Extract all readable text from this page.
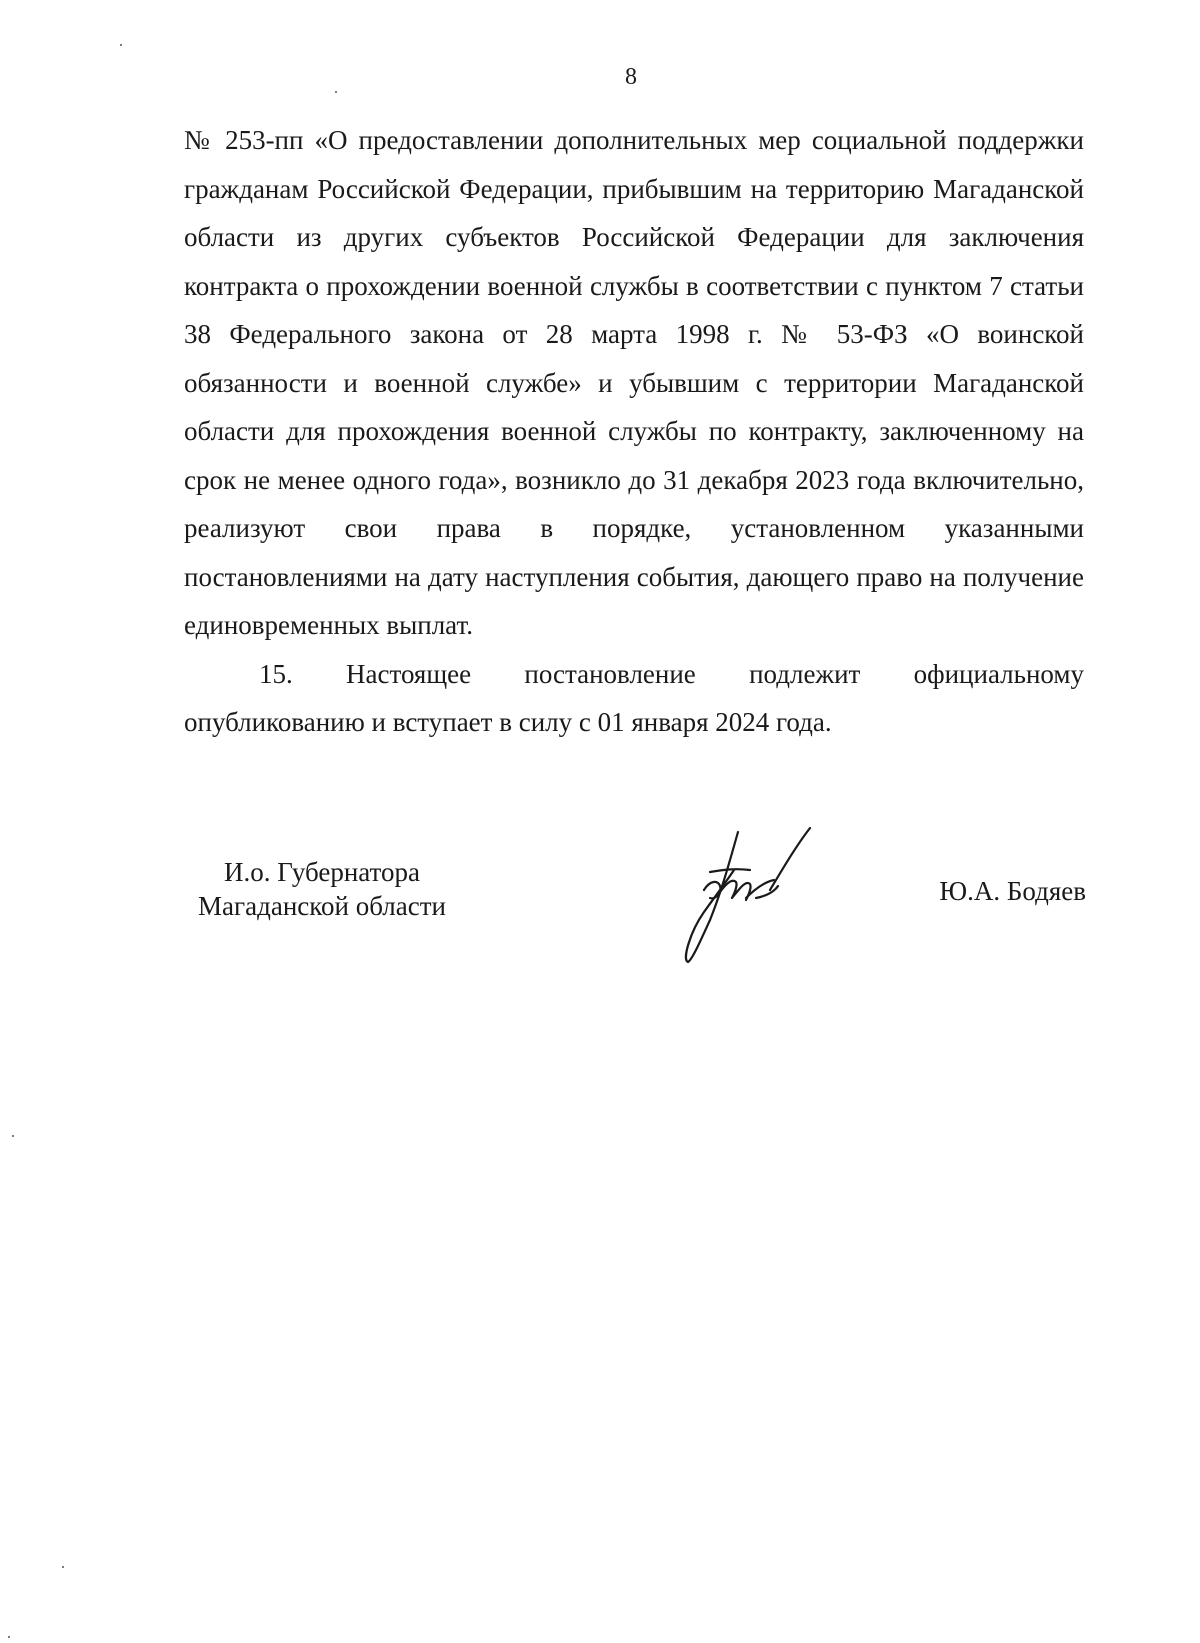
8

№ 253-пп «О предоставлении дополнительных мер социальной поддержки гражданам Российской Федерации, прибывшим на территорию Магаданской области из других субъектов Российской Федерации для заключения контракта о прохождении военной службы в соответствии с пунктом 7 статьи 38 Федерального закона от 28 марта 1998 г. № 53-ФЗ «О воинской обязанности и военной службе» и убывшим с территории Магаданской области для прохождения военной службы по контракту, заключенному на срок не менее одного года», возникло до 31 декабря 2023 года включительно, реализуют свои права в порядке, установленном указанными постановлениями на дату наступления события, дающего право на получение единовременных выплат.

15. Настоящее постановление подлежит официальному опубликованию и вступает в силу с 01 января 2024 года.

И.о. Губернатора
Магаданской области	Ю.А. Бодяев
